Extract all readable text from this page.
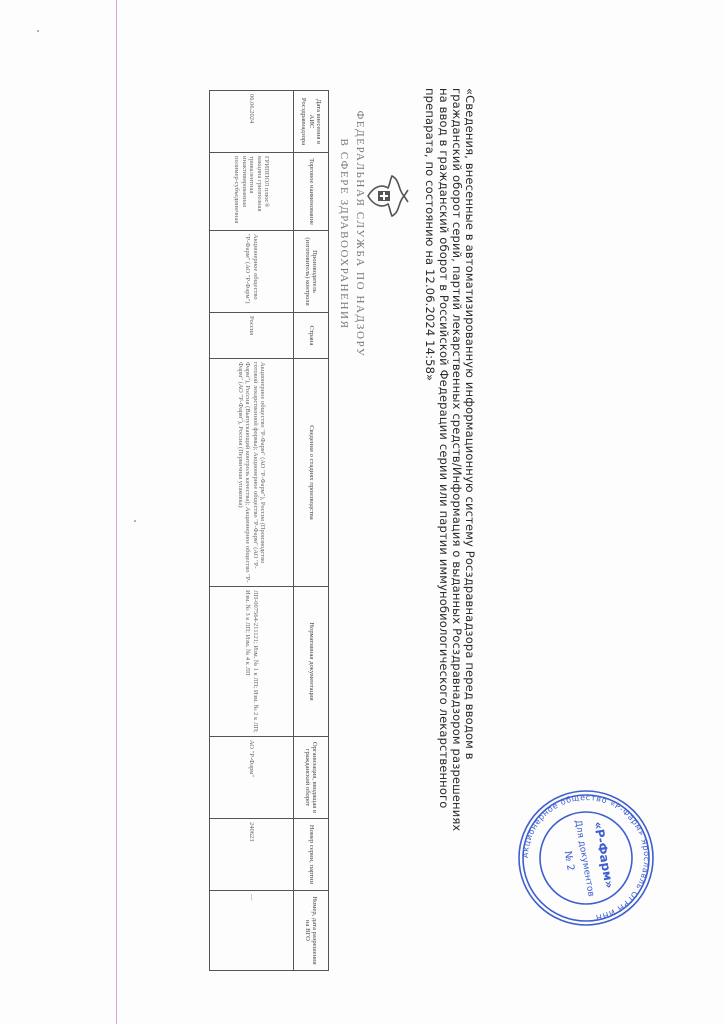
«Сведения, внесенные в автоматизированную информационную систему Росздравнадзора перед вводом в
гражданский оборот серий, партий лекарственных средств/Информация о выданных Росздравнадзором разрешениях
на ввод в гражданский оборот в Российской Федерации серии или партии иммунобиологического лекарственного
препарата, по состоянию на 12.06.2024 14:58»
ФЕДЕРАЛЬНАЯ СЛУЖБА ПО НАДЗОРУ
В СФЕРЕ ЗДРАВООХРАНЕНИЯ
Дата внесения в АИС Росздравнадзора	Торговое наименование	Производитель (изготовитель) контроля	Страна	Сведения о стадиях производства	Нормативная документация	Организация, вводящая в гражданский оборот	Номер серии, партии	Номер, дата разрешения на ВГО
06.06.2024	ГРИППОЛ плюс® вакцина гриппозная тривалентная инактивированная полимер-субъединичная	Акционерное общество "Р-Фарм" (АО "Р-Фарм")	Россия	Акционерное общество "Р-Фарм" (АО "Р-Фарм"), Россия (Производство готовой лекарственной формы); Акционерное общество "Р-Фарм" (АО "Р-Фарм"), Россия (Выпускающий контроль качества); Акционерное общество "Р-Фарм" (АО "Р-Фарм"), Россия (Первичная упаковка)	ЛП-007564-211121; Изм. № 1 к ЛП; Изм. № 2 к ЛП; Изм. № 3 к ЛП; Изм. № 4 к ЛП	АО "Р-Фарм"	240623	—
Акционерное общество «Р-Фарм» Ярославль ОГРН ИНН
«Р-Фарм»
Для документов
№ 2
